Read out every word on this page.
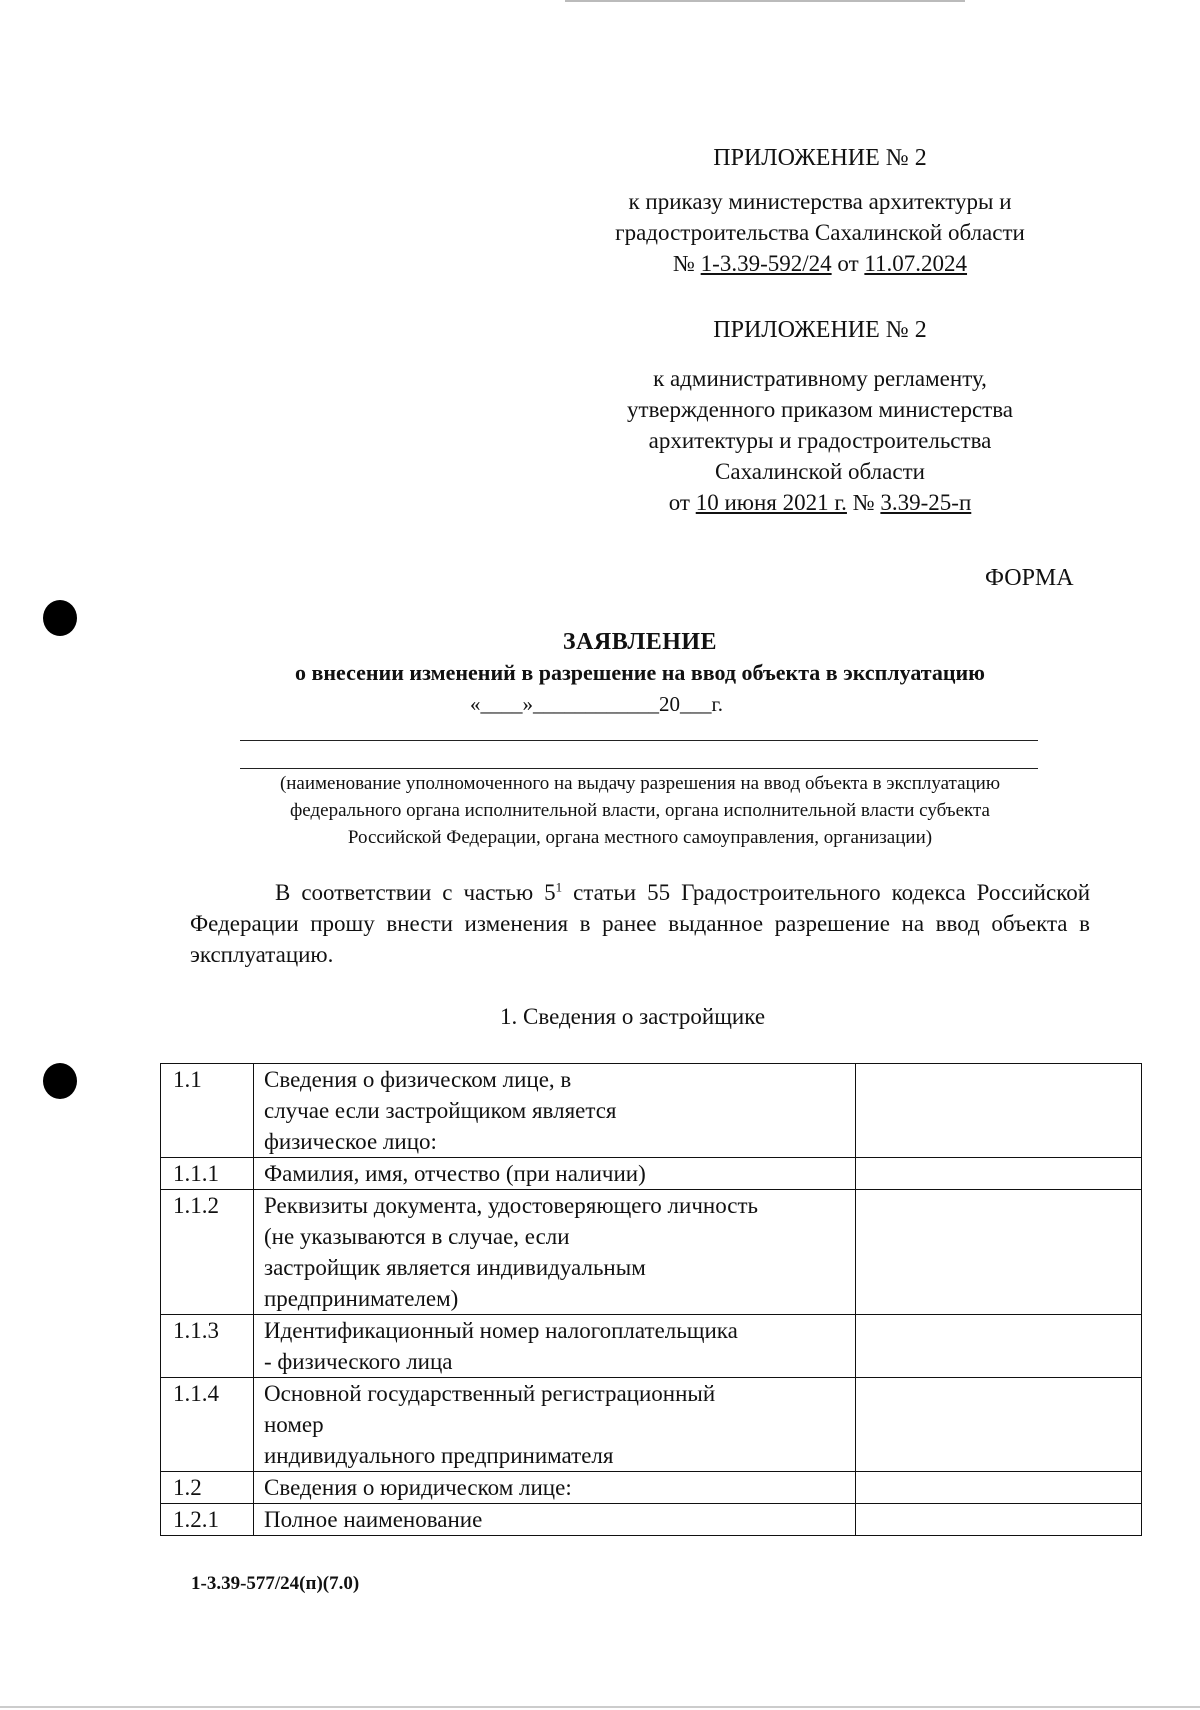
ПРИЛОЖЕНИЕ № 2
к приказу министерства архитектуры и
градостроительства Сахалинской области
№ 1-3.39-592/24 от 11.07.2024
ПРИЛОЖЕНИЕ № 2
к административному регламенту,
утвержденного приказом министерства
архитектуры и градостроительства
Сахалинской области
от 10 июня 2021 г. № 3.39-25-п
ФОРМА
ЗАЯВЛЕНИЕ
о внесении изменений в разрешение на ввод объекта в эксплуатацию
«____»____________20___г.
(наименование уполномоченного на выдачу разрешения на ввод объекта в эксплуатацию
федерального органа исполнительной власти, органа исполнительной власти субъекта
Российской Федерации, органа местного самоуправления, организации)
В соответствии с частью $5^1$ статьи 55 Градостроительного кодекса Российской Федерации прошу внести изменения в ранее выданное разрешение на ввод объекта в эксплуатацию.
1. Сведения о застройщике
1.1	Сведения о физическом лице, в
случае если застройщиком является
физическое лицо:	

1.1.1	Фамилия, имя, отчество (при наличии)	

1.1.2	Реквизиты документа, удостоверяющего личность
(не указываются в случае, если
застройщик является индивидуальным
предпринимателем)	

1.1.3	Идентификационный номер налогоплательщика
- физического лица	

1.1.4	Основной государственный регистрационный
номер
индивидуального предпринимателя	

1.2	Сведения о юридическом лице:	

1.2.1	Полное наименование	

1-3.39-577/24(п)(7.0)
